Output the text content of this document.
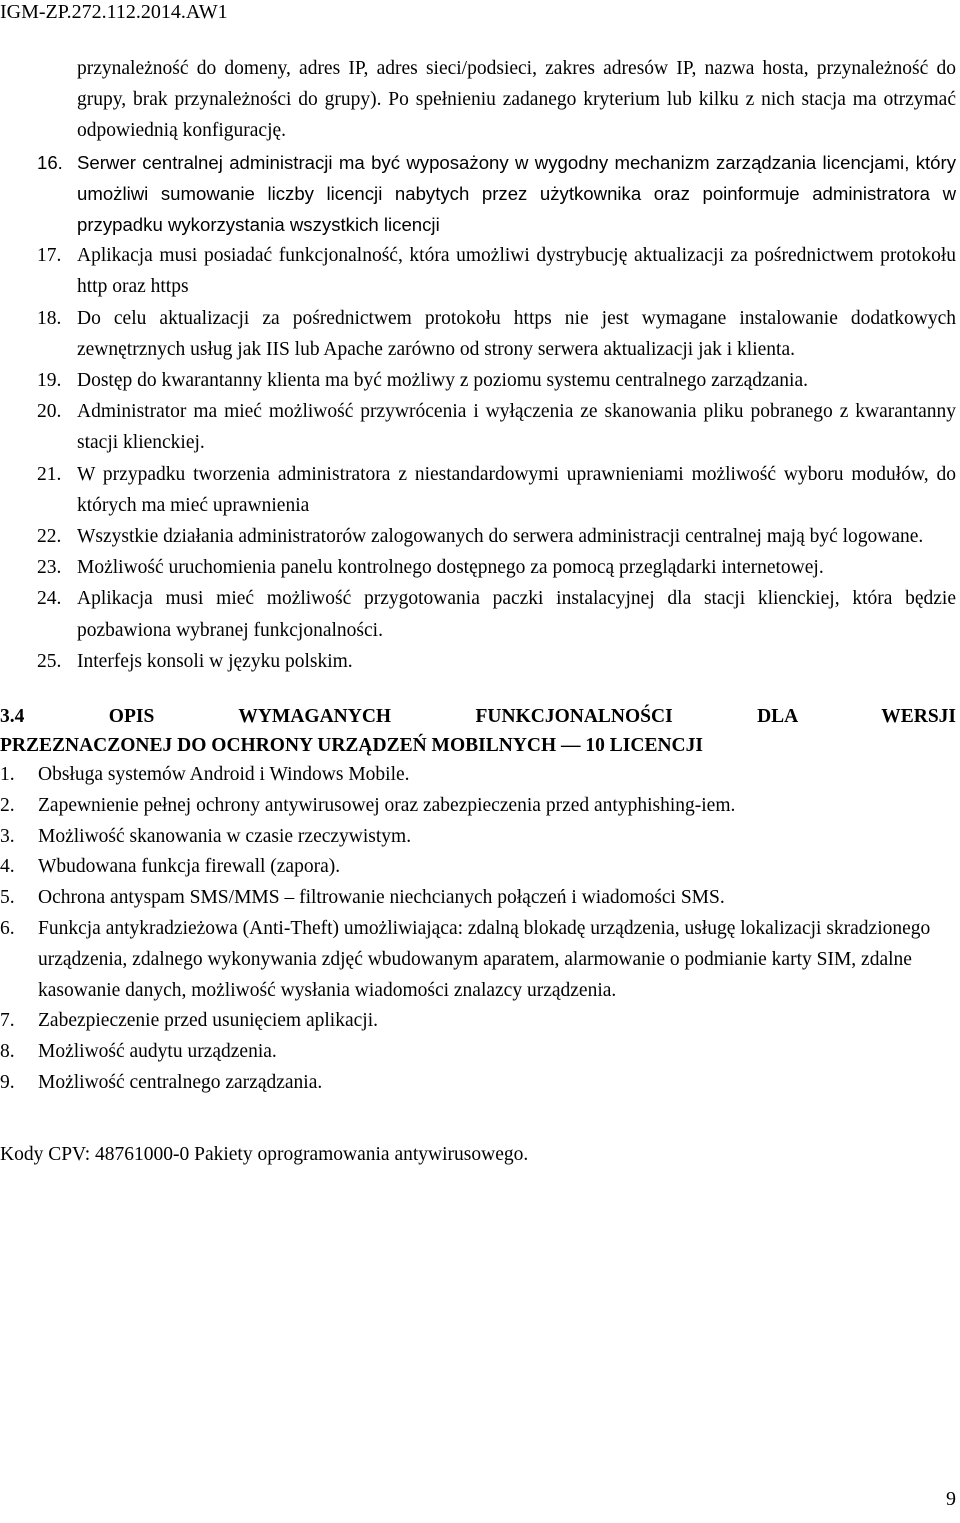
IGM-ZP.272.112.2014.AW1
przynależność do domeny, adres IP, adres sieci/podsieci, zakres adresów IP, nazwa hosta, przynależność do grupy, brak przynależności do grupy). Po spełnieniu zadanego kryterium lub kilku z nich stacja ma otrzymać odpowiednią konfigurację.
16. Serwer centralnej administracji ma być wyposażony w wygodny mechanizm zarządzania licencjami, który umożliwi sumowanie liczby licencji nabytych przez użytkownika oraz poinformuje administratora w przypadku wykorzystania wszystkich licencji
17. Aplikacja musi posiadać funkcjonalność, która umożliwi dystrybucję aktualizacji za pośrednictwem protokołu http oraz https
18. Do celu aktualizacji za pośrednictwem protokołu https nie jest wymagane instalowanie dodatkowych zewnętrznych usług jak IIS lub Apache zarówno od strony serwera aktualizacji jak i klienta.
19. Dostęp do kwarantanny klienta ma być możliwy z poziomu systemu centralnego zarządzania.
20. Administrator ma mieć możliwość przywrócenia i wyłączenia ze skanowania pliku pobranego z kwarantanny stacji klienckiej.
21. W przypadku tworzenia administratora z niestandardowymi uprawnieniami możliwość wyboru modułów, do których ma mieć uprawnienia
22. Wszystkie działania administratorów zalogowanych do serwera administracji centralnej mają być logowane.
23. Możliwość uruchomienia panelu kontrolnego dostępnego za pomocą przeglądarki internetowej.
24. Aplikacja musi mieć możliwość przygotowania paczki instalacyjnej dla stacji klienckiej, która będzie pozbawiona wybranej funkcjonalności.
25. Interfejs konsoli w języku polskim.
3.4 OPIS WYMAGANYCH FUNKCJONALNOŚCI DLA WERSJI
PRZEZNACZONEJ DO OCHRONY URZĄDZEŃ MOBILNYCH — 10 LICENCJI
1. Obsługa systemów Android i Windows Mobile.
2. Zapewnienie pełnej ochrony antywirusowej oraz zabezpieczenia przed antyphishing-iem.
3. Możliwość skanowania w czasie rzeczywistym.
4. Wbudowana funkcja firewall (zapora).
5. Ochrona antyspam SMS/MMS – filtrowanie niechcianych połączeń i wiadomości SMS.
6. Funkcja antykradzieżowa (Anti-Theft) umożliwiająca: zdalną blokadę urządzenia, usługę lokalizacji skradzionego urządzenia, zdalnego wykonywania zdjęć wbudowanym aparatem, alarmowanie o podmianie karty SIM, zdalne kasowanie danych, możliwość wysłania wiadomości znalazcy urządzenia.
7. Zabezpieczenie przed usunięciem aplikacji.
8. Możliwość audytu urządzenia.
9. Możliwość centralnego zarządzania.
Kody CPV: 48761000-0 Pakiety oprogramowania antywirusowego.
9
